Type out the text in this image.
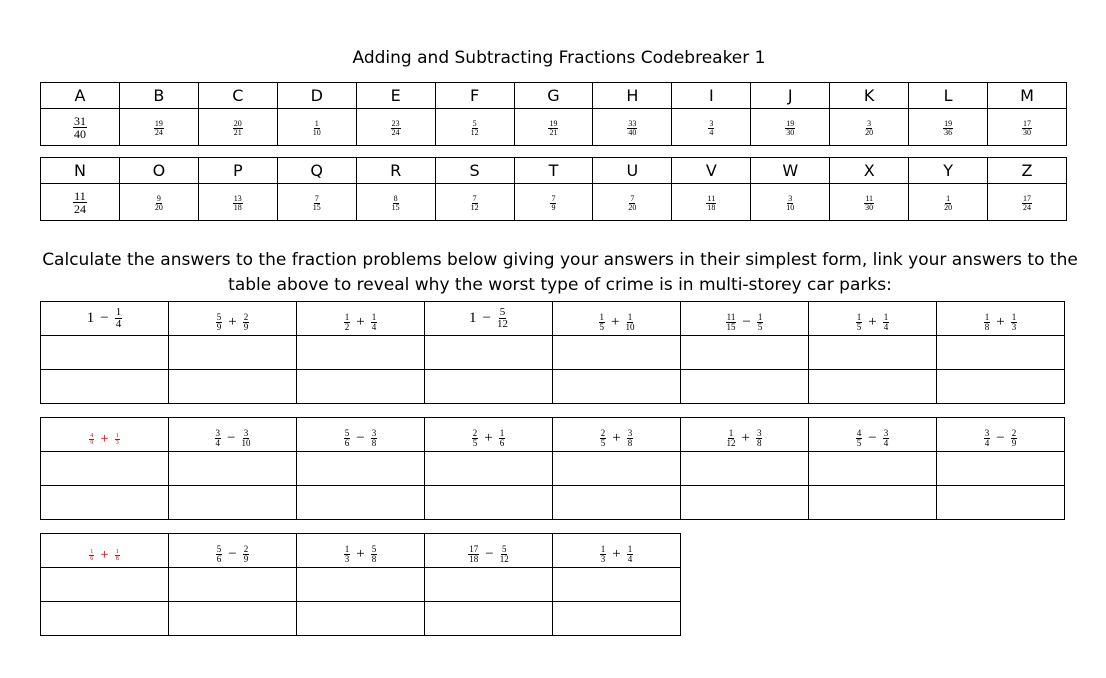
Adding and Subtracting Fractions Codebreaker 1
A	B	C	D	E	F	G	H	I	J	K	L	M

$\frac{31}{40}$	$\frac{19}{24}$	$\frac{20}{21}$	$\frac{1}{10}$	$\frac{23}{24}$	$\frac{5}{12}$	$\frac{19}{21}$	$\frac{33}{40}$	$\frac{3}{4}$	$\frac{19}{30}$	$\frac{3}{20}$	$\frac{19}{36}$	$\frac{17}{30}$
N	O	P	Q	R	S	T	U	V	W	X	Y	Z

$\frac{11}{24}$	$\frac{9}{20}$	$\frac{13}{18}$	$\frac{7}{15}$	$\frac{8}{15}$	$\frac{7}{12}$	$\frac{7}{9}$	$\frac{7}{20}$	$\frac{11}{18}$	$\frac{3}{10}$	$\frac{11}{30}$	$\frac{1}{20}$	$\frac{17}{24}$
Calculate the answers to the fraction problems below giving your answers in their simplest form, link your answers to the
table above to reveal why the worst type of crime is in multi-storey car parks:
$1 - \frac{1}{4}$	$\frac{5}{9} + \frac{2}{9}$	$\frac{1}{2} + \frac{1}{4}$	$1 - \frac{5}{12}$	$\frac{1}{5} + \frac{1}{10}$	$\frac{11}{15} - \frac{1}{5}$	$\frac{1}{5} + \frac{1}{4}$	$\frac{1}{8} + \frac{1}{3}$

$\frac{4}{9} + \frac{1}{3}$	$\frac{3}{4} - \frac{3}{10}$	$\frac{5}{6} - \frac{3}{8}$	$\frac{2}{5} + \frac{1}{6}$	$\frac{2}{5} + \frac{3}{8}$	$\frac{1}{12} + \frac{3}{8}$	$\frac{4}{5} - \frac{3}{4}$	$\frac{3}{4} - \frac{2}{9}$

$\frac{1}{6} + \frac{1}{8}$	$\frac{5}{6} - \frac{2}{9}$	$\frac{1}{3} + \frac{5}{8}$	$\frac{17}{18} - \frac{5}{12}$	$\frac{1}{3} + \frac{1}{4}$
